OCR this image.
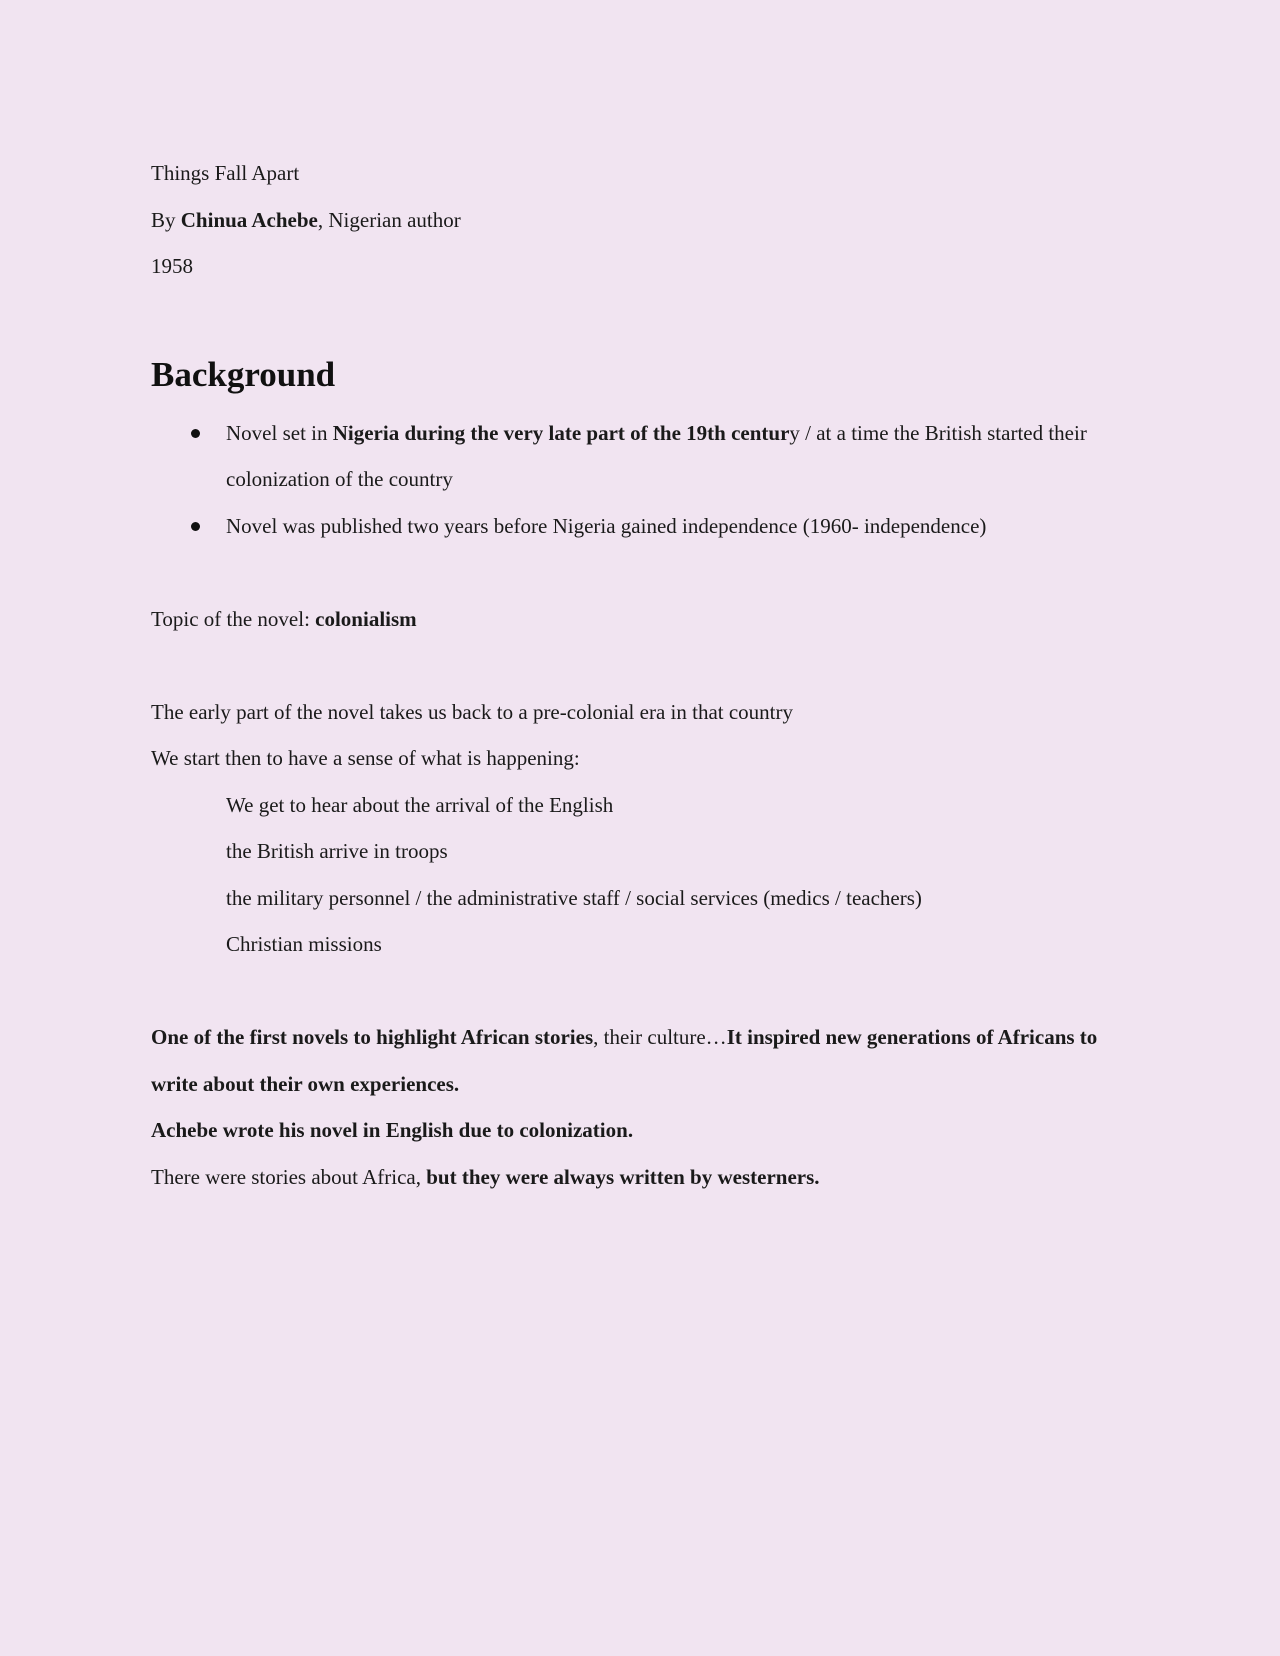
Things Fall Apart
By Chinua Achebe, Nigerian author
1958
Background
Novel set in Nigeria during the very late part of the 19th century / at a time the British started their colonization of the country
Novel was published two years before Nigeria gained independence (1960- independence)
Topic of the novel: colonialism
The early part of the novel takes us back to a pre-colonial era in that country
We start then to have a sense of what is happening:
We get to hear about the arrival of the English
the British arrive in troops
the military personnel / the administrative staff / social services (medics / teachers)
Christian missions
One of the first novels to highlight African stories, their culture…It inspired new generations of Africans to write about their own experiences.
Achebe wrote his novel in English due to colonization.
There were stories about Africa, but they were always written by westerners.
